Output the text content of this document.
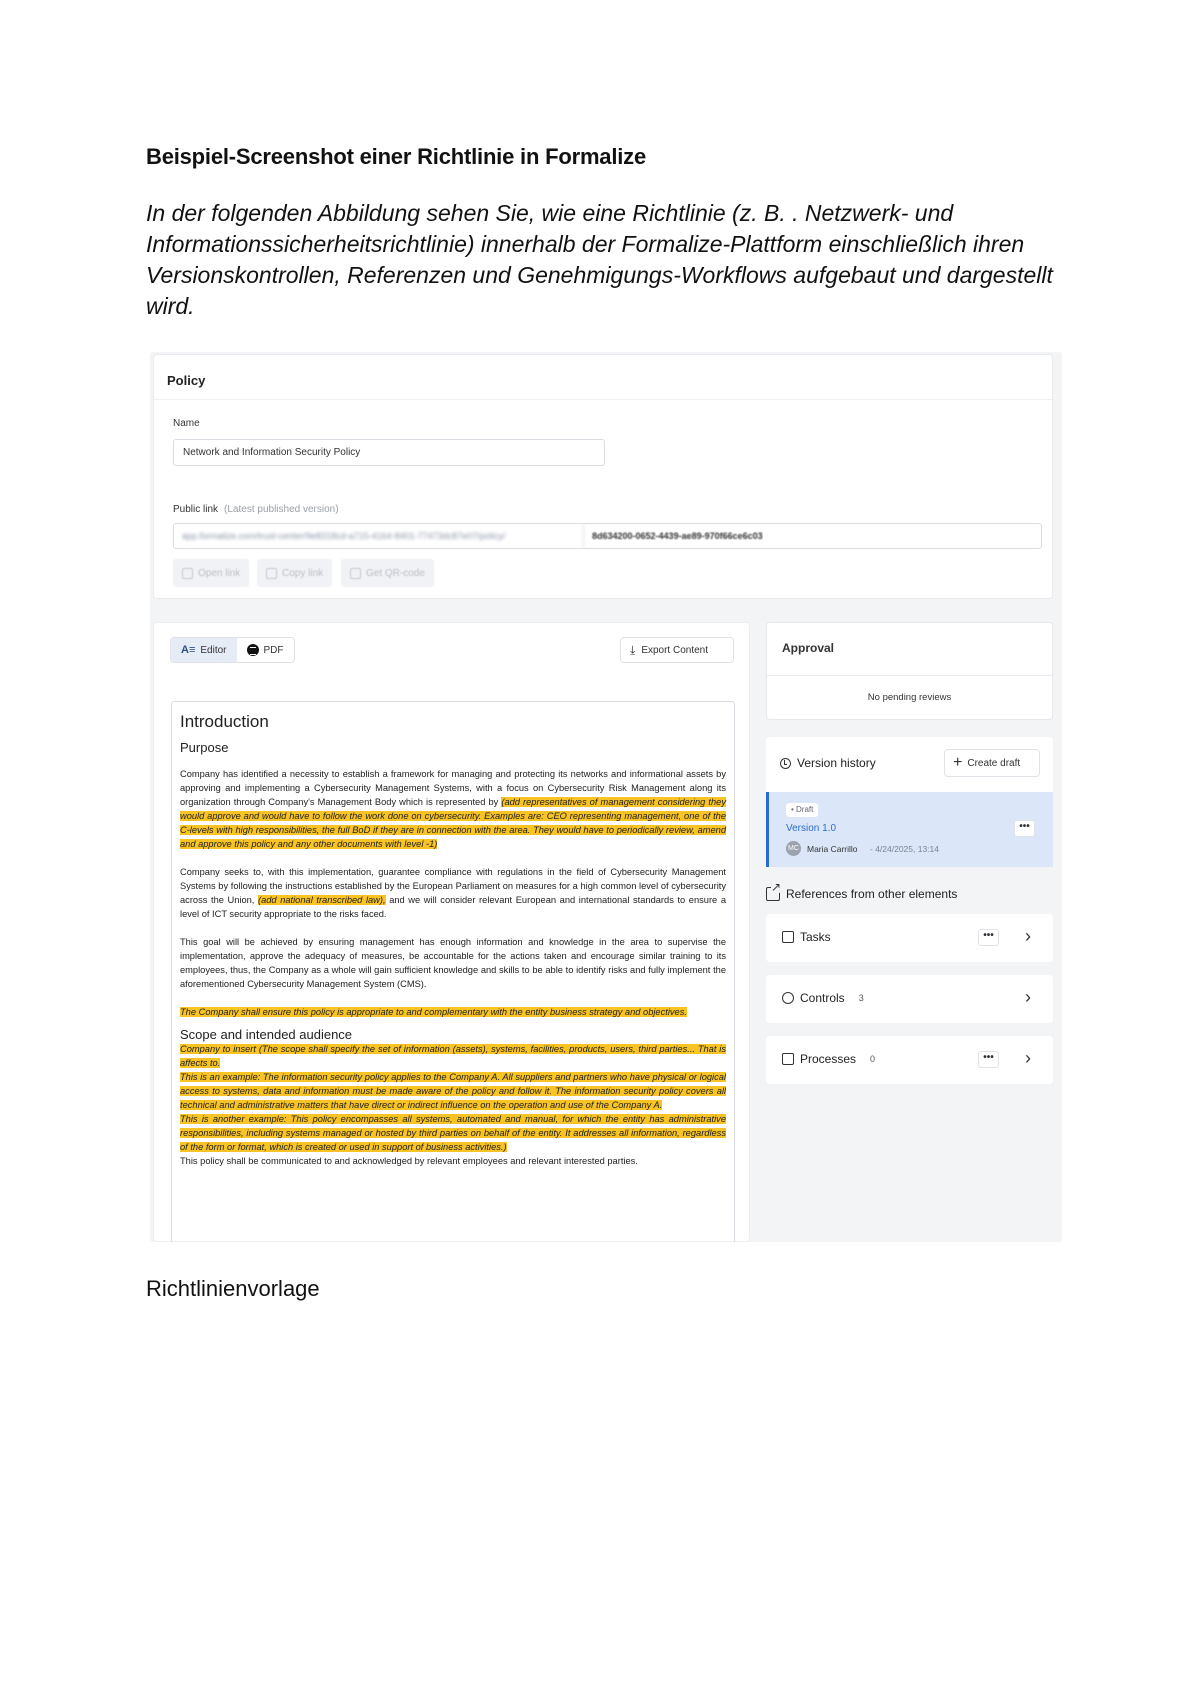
Beispiel-Screenshot einer Richtlinie in Formalize
In der folgenden Abbildung sehen Sie, wie eine Richtlinie (z. B. . Netzwerk- und Informationssicherheitsrichtlinie) innerhalb der Formalize-Plattform einschließlich ihren Versionskontrollen, Referenzen und Genehmigungs-Workflows aufgebaut und dargestellt wird.
Policy
Name
Network and Information Security Policy
Public link (Latest published version)
app.formalize.com/trust-center/9e8318cd-a715-4164-8401-77473dc87e07/policy/	8d634200-0652-4439-ae89-970f66ce6c03
Open link	Copy link	Get QR-code
A≡ Editor	PDF	⤓ Export Content
Introduction
Purpose

Company has identified a necessity to establish a framework for managing and protecting its networks and informational assets by approving and implementing a Cybersecurity Management Systems, with a focus on Cybersecurity Risk Management along its organization through Company's Management Body which is represented by (add representatives of management considering they would approve and would have to follow the work done on cybersecurity. Examples are: CEO representing management, one of the C-levels with high responsibilities, the full BoD if they are in connection with the area. They would have to periodically review, amend and approve this policy and any other documents with level -1)

Company seeks to, with this implementation, guarantee compliance with regulations in the field of Cybersecurity Management Systems by following the instructions established by the European Parliament on measures for a high common level of cybersecurity across the Union, (add national transcribed law), and we will consider relevant European and international standards to ensure a level of ICT security appropriate to the risks faced.

This goal will be achieved by ensuring management has enough information and knowledge in the area to supervise the implementation, approve the adequacy of measures, be accountable for the actions taken and encourage similar training to its employees, thus, the Company as a whole will gain sufficient knowledge and skills to be able to identify risks and fully implement the aforementioned Cybersecurity Management System (CMS).

The Company shall ensure this policy is appropriate to and complementary with the entity business strategy and objectives.

Scope and intended audience

Company to insert (The scope shall specify the set of information (assets), systems, facilities, products, users, third parties... That is affects to.

This is an example: The information security policy applies to the Company A. All suppliers and partners who have physical or logical access to systems, data and information must be made aware of the policy and follow it. The information security policy covers all technical and administrative matters that have direct or indirect influence on the operation and use of the Company A.

This is another example: This policy encompasses all systems, automated and manual, for which the entity has administrative responsibilities, including systems managed or hosted by third parties on behalf of the entity. It addresses all information, regardless of the form or format, which is created or used in support of business activities.)

This policy shall be communicated to and acknowledged by relevant employees and relevant interested parties.

Approval
No pending reviews
Version history	+ Create draft
• Draft
Version 1.0
MC Maria Carrillo - 4/24/2025, 13:14
•••
↗
References from other elements
Tasks	••• ›
Controls 3	›
Processes 0	••• ›
Richtlinienvorlage
